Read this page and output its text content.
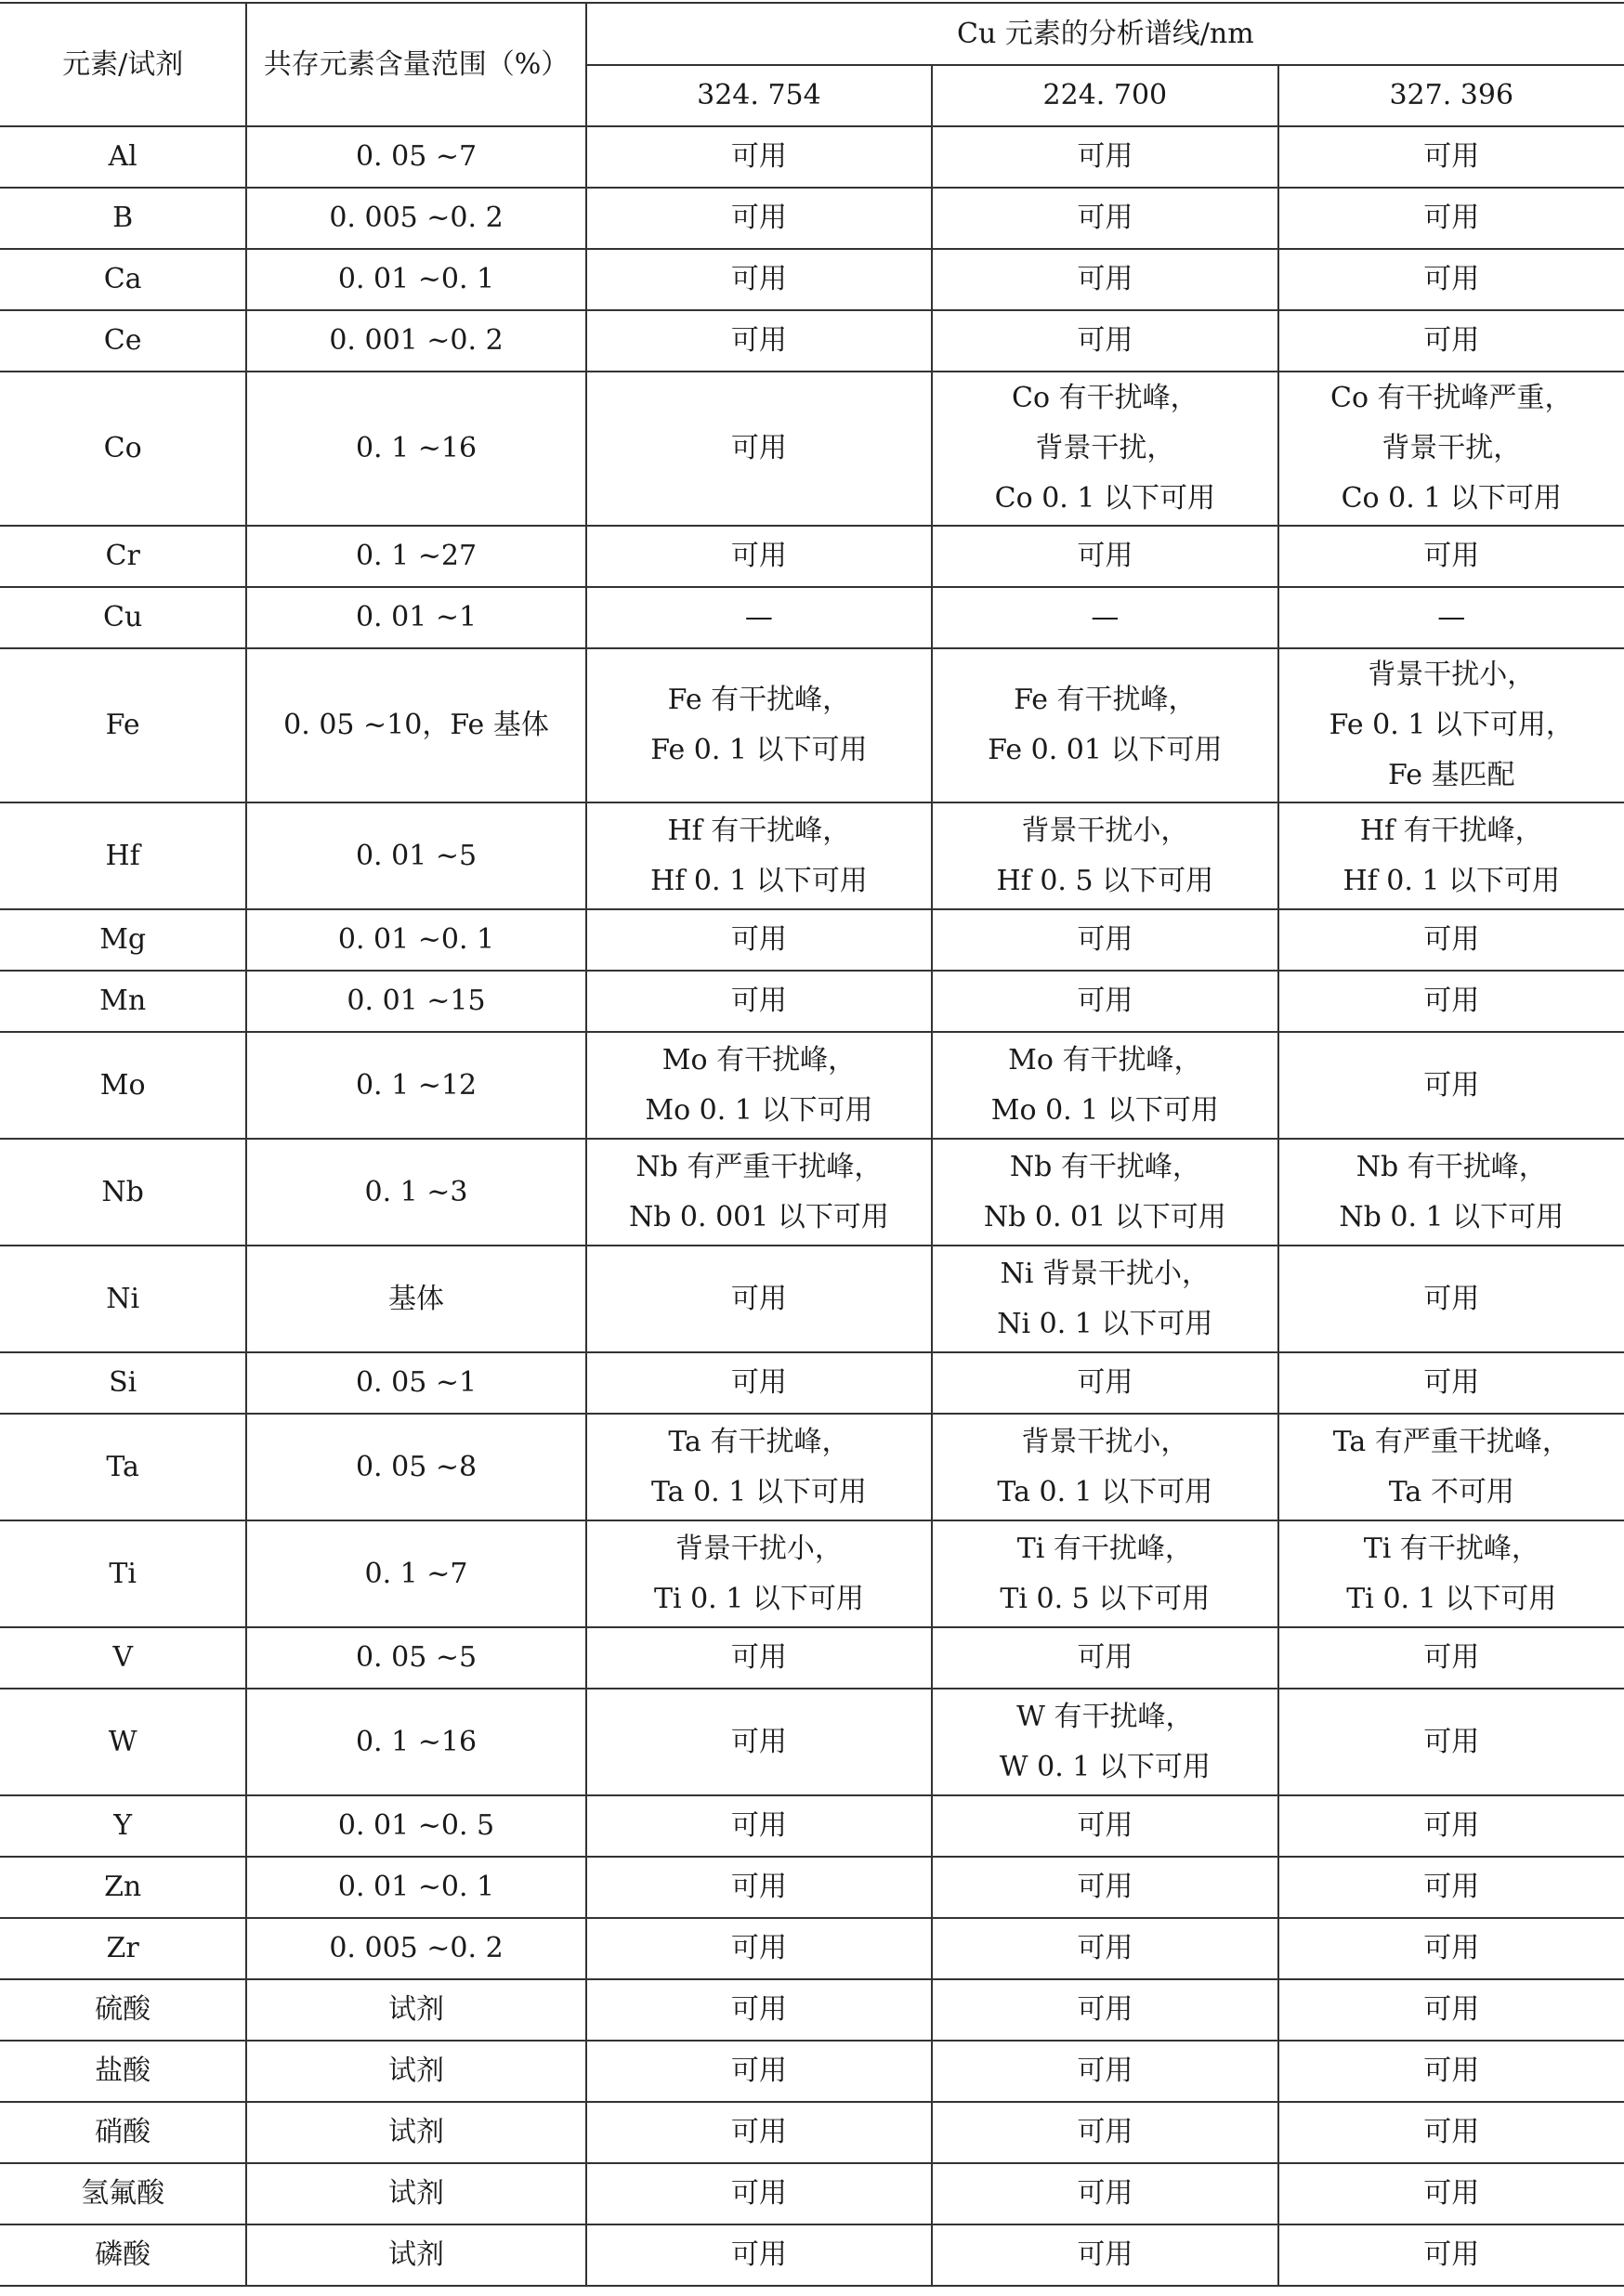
元素/试剂	共存元素含量范围（%）	Cu 元素的分析谱线/nm		
		324. 754	224. 700	327. 396
Al	0. 05 ~7	可用	可用	可用

B	0. 005 ~0. 2	可用	可用	可用

Ca	0. 01 ~0. 1	可用	可用	可用

Ce	0. 001 ~0. 2	可用	可用	可用

Co	0. 1 ~16	可用	Co 有干扰峰，
背景干扰，
Co 0. 1 以下可用	Co 有干扰峰严重，
背景干扰，
Co 0. 1 以下可用

Cr	0. 1 ~27	可用	可用	可用

Cu	0. 01 ~1	—	—	—

Fe	0. 05 ~10，Fe 基体	Fe 有干扰峰，
Fe 0. 1 以下可用	Fe 有干扰峰，
Fe 0. 01 以下可用	背景干扰小，
Fe 0. 1 以下可用，
Fe 基匹配

Hf	0. 01 ~5	Hf 有干扰峰，
Hf 0. 1 以下可用	背景干扰小，
Hf 0. 5 以下可用	Hf 有干扰峰，
Hf 0. 1 以下可用

Mg	0. 01 ~0. 1	可用	可用	可用

Mn	0. 01 ~15	可用	可用	可用

Mo	0. 1 ~12	Mo 有干扰峰，
Mo 0. 1 以下可用	Mo 有干扰峰，
Mo 0. 1 以下可用	可用

Nb	0. 1 ~3	Nb 有严重干扰峰，
Nb 0. 001 以下可用	Nb 有干扰峰，
Nb 0. 01 以下可用	Nb 有干扰峰，
Nb 0. 1 以下可用

Ni	基体	可用	Ni 背景干扰小，
Ni 0. 1 以下可用	可用

Si	0. 05 ~1	可用	可用	可用

Ta	0. 05 ~8	Ta 有干扰峰，
Ta 0. 1 以下可用	背景干扰小，
Ta 0. 1 以下可用	Ta 有严重干扰峰，
Ta 不可用

Ti	0. 1 ~7	背景干扰小，
Ti 0. 1 以下可用	Ti 有干扰峰，
Ti 0. 5 以下可用	Ti 有干扰峰，
Ti 0. 1 以下可用

V	0. 05 ~5	可用	可用	可用

W	0. 1 ~16	可用	W 有干扰峰，
W 0. 1 以下可用	可用

Y	0. 01 ~0. 5	可用	可用	可用

Zn	0. 01 ~0. 1	可用	可用	可用

Zr	0. 005 ~0. 2	可用	可用	可用

硫酸	试剂	可用	可用	可用

盐酸	试剂	可用	可用	可用

硝酸	试剂	可用	可用	可用

氢氟酸	试剂	可用	可用	可用

磷酸	试剂	可用	可用	可用
